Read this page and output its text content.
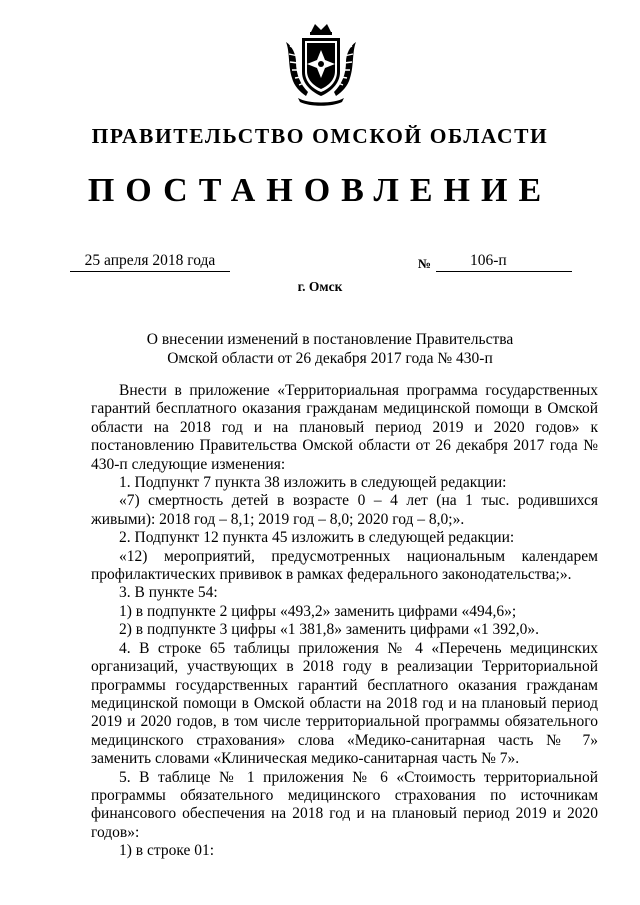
ПРАВИТЕЛЬСТВО ОМСКОЙ ОБЛАСТИ
ПОСТАНОВЛЕНИЕ
25 апреля 2018 года	№	106-п
г. Омск
О внесении изменений в постановление Правительства
Омской области от 26 декабря 2017 года № 430-п

Внести в приложение «Территориальная программа государственных гарантий бесплатного оказания гражданам медицинской помощи в Омской области на 2018 год и на плановый период 2019 и 2020 годов» к постановлению Правительства Омской области от 26 декабря 2017 года № 430-п следующие изменения:

1. Подпункт 7 пункта 38 изложить в следующей редакции:

«7) смертность детей в возрасте 0 – 4 лет (на 1 тыс. родившихся живыми): 2018 год – 8,1; 2019 год – 8,0; 2020 год – 8,0;».

2. Подпункт 12 пункта 45 изложить в следующей редакции:

«12) мероприятий, предусмотренных национальным календарем профилактических прививок в рамках федерального законодательства;».

3. В пункте 54:

1) в подпункте 2 цифры «493,2» заменить цифрами «494,6»;

2) в подпункте 3 цифры «1 381,8» заменить цифрами «1 392,0».

4. В строке 65 таблицы приложения № 4 «Перечень медицинских организаций, участвующих в 2018 году в реализации Территориальной программы государственных гарантий бесплатного оказания гражданам медицинской помощи в Омской области на 2018 год и на плановый период 2019 и 2020 годов, в том числе территориальной программы обязательного медицинского страхования» слова «Медико-санитарная часть № 7» заменить словами «Клиническая медико-санитарная часть № 7».

5. В таблице № 1 приложения № 6 «Стоимость территориальной программы обязательного медицинского страхования по источникам финансового обеспечения на 2018 год и на плановый период 2019 и 2020 годов»:

1) в строке 01:
